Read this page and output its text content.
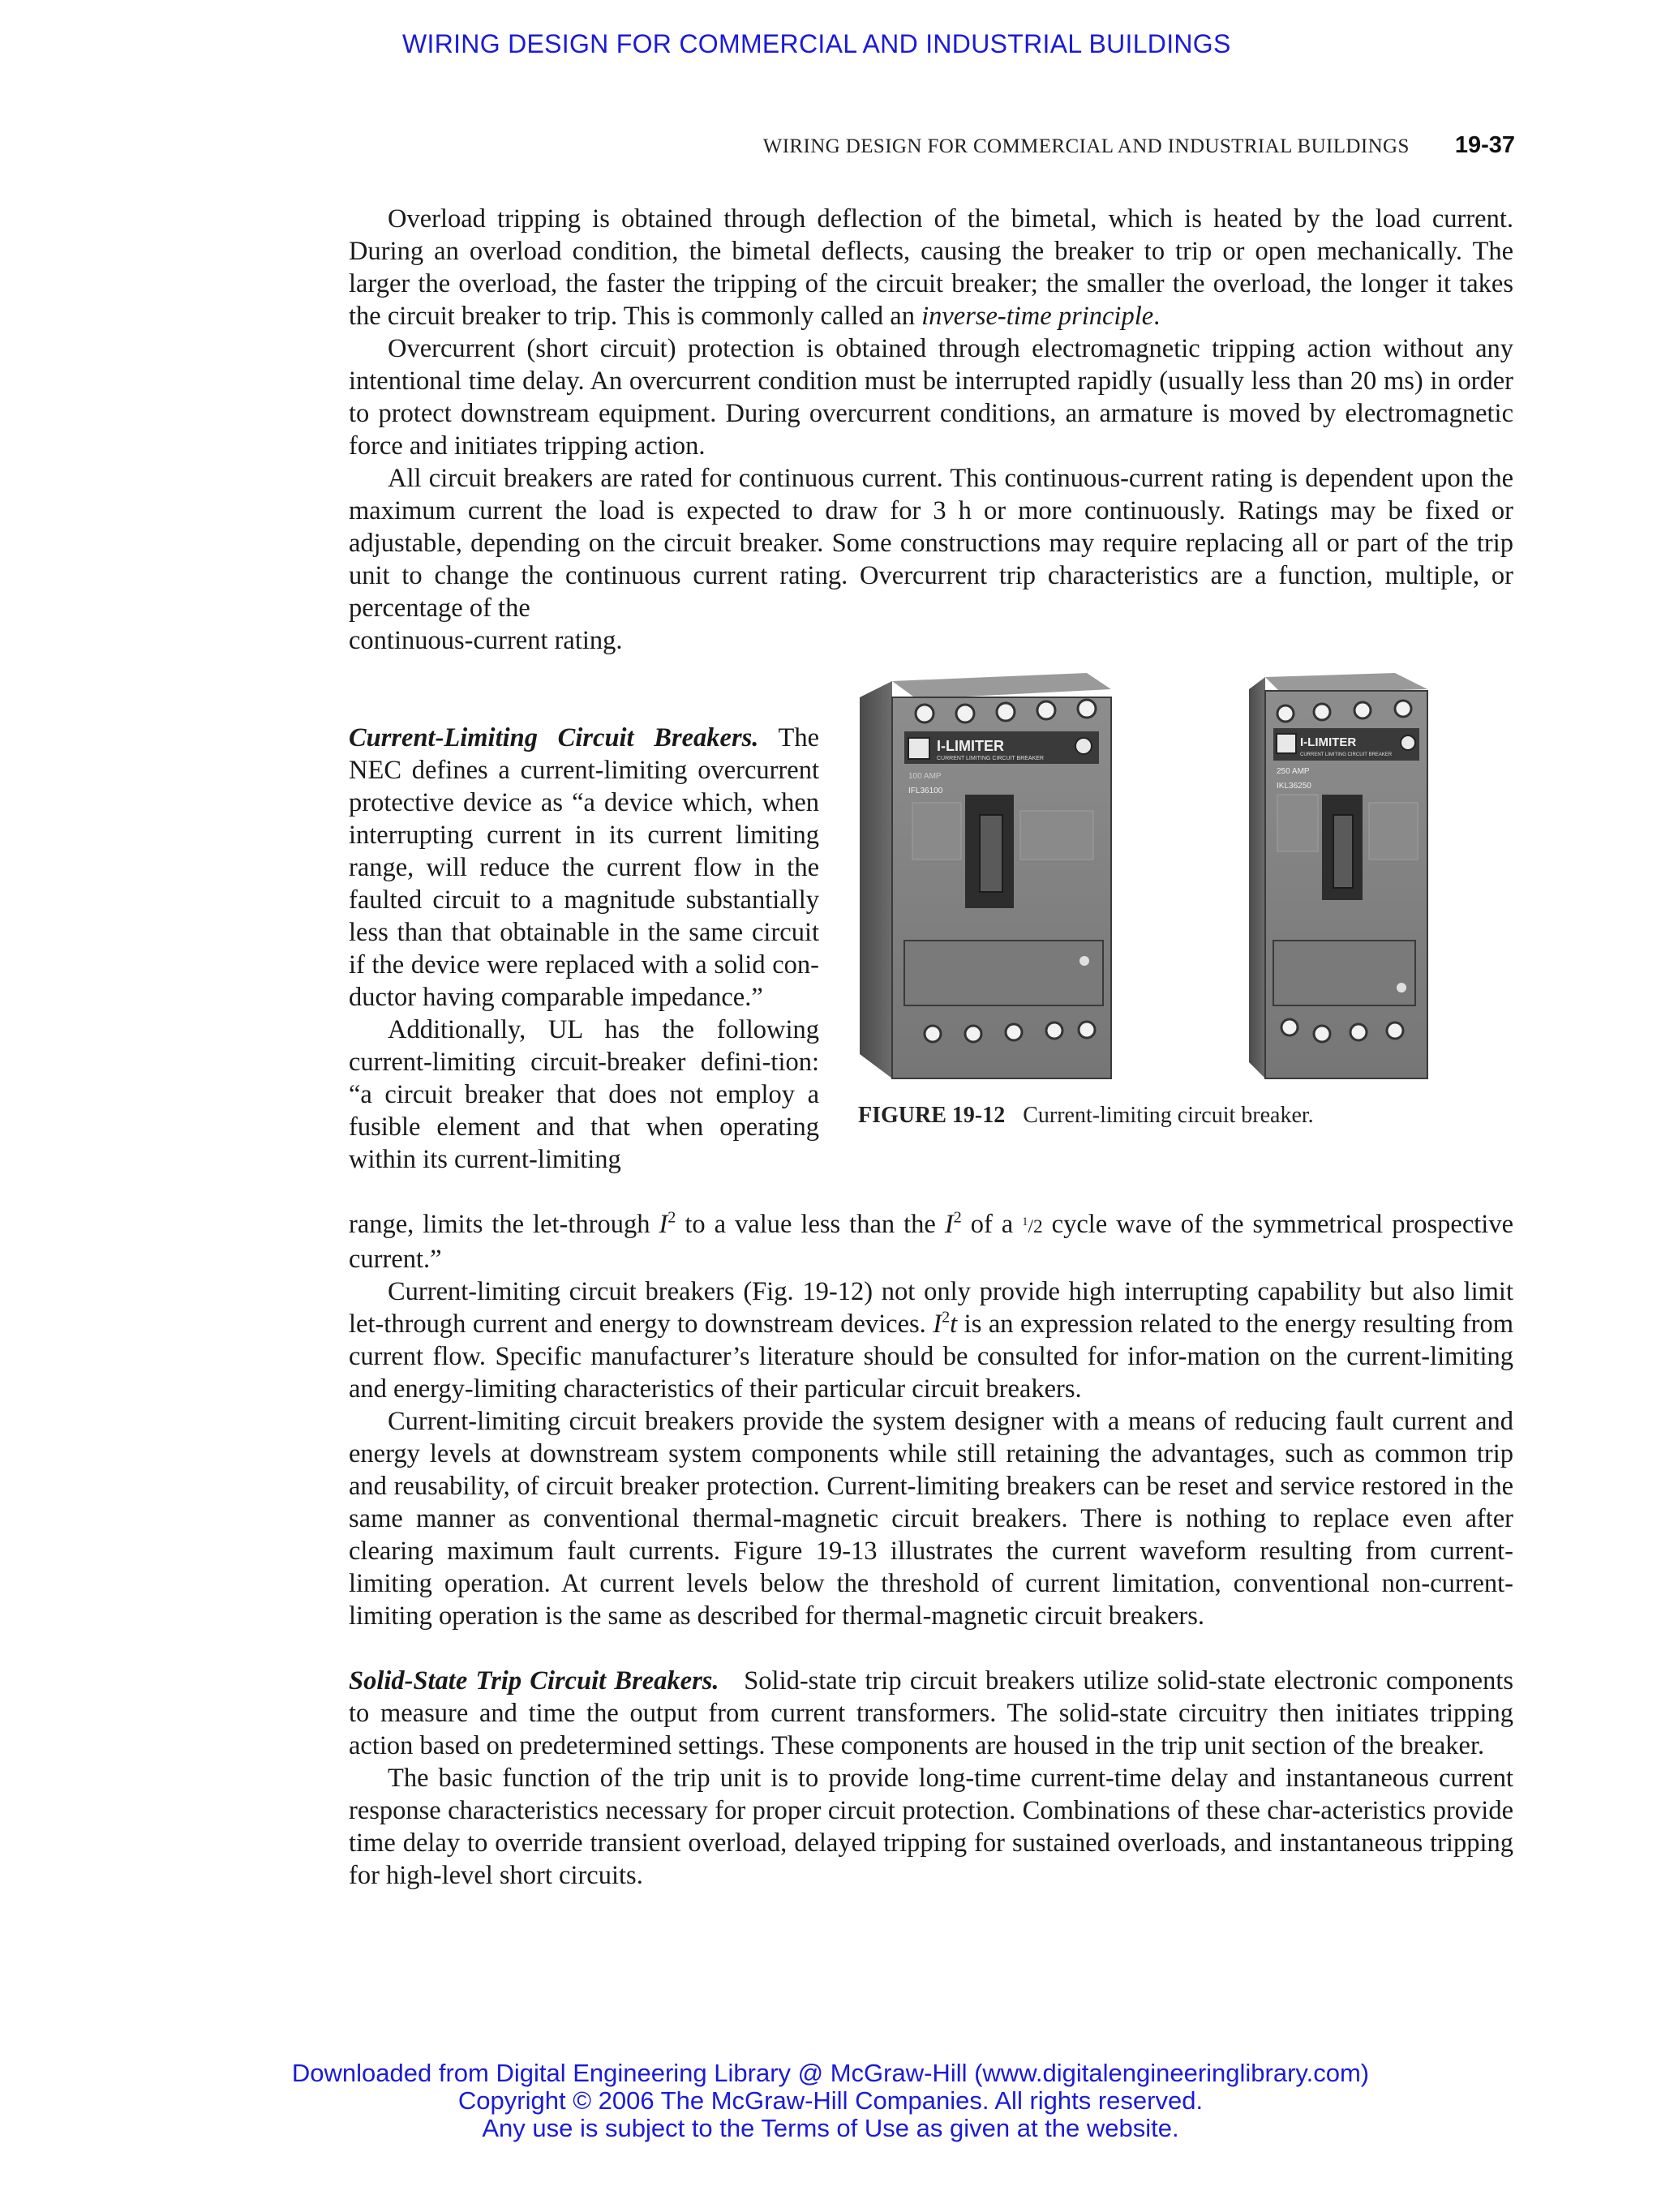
WIRING DESIGN FOR COMMERCIAL AND INDUSTRIAL BUILDINGS
WIRING DESIGN FOR COMMERCIAL AND INDUSTRIAL BUILDINGS 19-37

Overload tripping is obtained through deflection of the bimetal, which is heated by the load current. During an overload condition, the bimetal deflects, causing the breaker to trip or open mechanically. The larger the overload, the faster the tripping of the circuit breaker; the smaller the overload, the longer it takes the circuit breaker to trip. This is commonly called an inverse-time principle.

Overcurrent (short circuit) protection is obtained through electromagnetic tripping action without any intentional time delay. An overcurrent condition must be interrupted rapidly (usually less than 20 ms) in order to protect downstream equipment. During overcurrent conditions, an armature is moved by electromagnetic force and initiates tripping action.

All circuit breakers are rated for continuous current. This continuous-current rating is dependent upon the maximum current the load is expected to draw for 3 h or more continuously. Ratings may be fixed or adjustable, depending on the circuit breaker. Some constructions may require replacing all or part of the trip unit to change the continuous current rating. Overcurrent trip characteristics are a function, multiple, or percentage of the

continuous-current rating.

Current-Limiting Circuit Breakers. The NEC defines a current-limiting overcurrent protective device as “a device which, when interrupting current in its current limiting range, will reduce the current flow in the faulted circuit to a magnitude substantially less than that obtainable in the same circuit if the device were replaced with a solid con-ductor having comparable impedance.”

Additionally, UL has the following current-limiting circuit-breaker defini-tion: “a circuit breaker that does not employ a fusible element and that when operating within its current-limiting

I-LIMITER
CURRENT LIMITING CIRCUIT BREAKER
100 AMP
IFL36100
I-LIMITER
CURRENT LIMITING CIRCUIT BREAKER
250 AMP
IKL36250
FIGURE 19-12 Current-limiting circuit breaker.

range, limits the let-through $I^2$ to a value less than the $I^2$ of a $^1$/2 cycle wave of the symmetrical prospective current.”

Current-limiting circuit breakers (Fig. 19-12) not only provide high interrupting capability but also limit let-through current and energy to downstream devices. $I^2t$ is an expression related to the energy resulting from current flow. Specific manufacturer’s literature should be consulted for infor-mation on the current-limiting and energy-limiting characteristics of their particular circuit breakers.

Current-limiting circuit breakers provide the system designer with a means of reducing fault current and energy levels at downstream system components while still retaining the advantages, such as common trip and reusability, of circuit breaker protection. Current-limiting breakers can be reset and service restored in the same manner as conventional thermal-magnetic circuit breakers. There is nothing to replace even after clearing maximum fault currents. Figure 19-13 illustrates the current waveform resulting from current-limiting operation. At current levels below the threshold of current limitation, conventional non-current-limiting operation is the same as described for thermal-magnetic circuit breakers.

Solid-State Trip Circuit Breakers. Solid-state trip circuit breakers utilize solid-state electronic components to measure and time the output from current transformers. The solid-state circuitry then initiates tripping action based on predetermined settings. These components are housed in the trip unit section of the breaker.

The basic function of the trip unit is to provide long-time current-time delay and instantaneous current response characteristics necessary for proper circuit protection. Combinations of these char-acteristics provide time delay to override transient overload, delayed tripping for sustained overloads, and instantaneous tripping for high-level short circuits.

Downloaded from Digital Engineering Library @ McGraw-Hill (www.digitalengineeringlibrary.com)
Copyright © 2006 The McGraw-Hill Companies. All rights reserved.
Any use is subject to the Terms of Use as given at the website.
